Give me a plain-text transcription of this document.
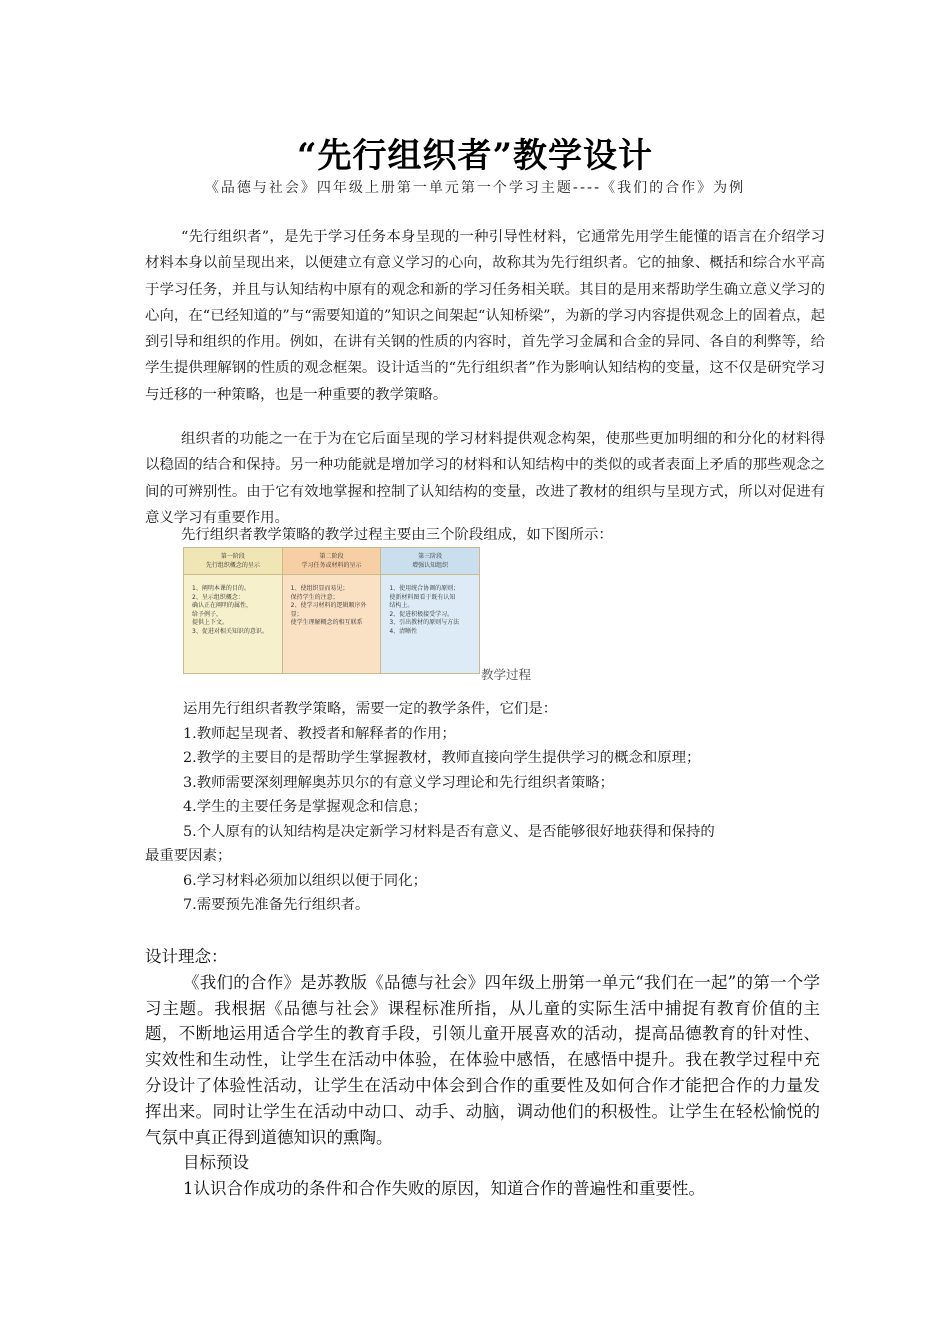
“先行组织者”教学设计
《品德与社会》四年级上册第一单元第一个学习主题----《我们的合作》为例

“先行组织者”，是先于学习任务本身呈现的一种引导性材料，它通常先用学生能懂的语言在介绍学习材料本身以前呈现出来，以便建立有意义学习的心向，故称其为先行组织者。它的抽象、概括和综合水平高于学习任务，并且与认知结构中原有的观念和新的学习任务相关联。其目的是用来帮助学生确立意义学习的心向，在“已经知道的”与“需要知道的”知识之间架起“认知桥梁”，为新的学习内容提供观念上的固着点，起到引导和组织的作用。例如，在讲有关钢的性质的内容时，首先学习金属和合金的异同、各自的利弊等，给学生提供理解钢的性质的观念框架。设计适当的“先行组织者”作为影响认知结构的变量，这不仅是研究学习与迁移的一种策略，也是一种重要的教学策略。

组织者的功能之一在于为在它后面呈现的学习材料提供观念构架，使那些更加明细的和分化的材料得以稳固的结合和保持。另一种功能就是增加学习的材料和认知结构中的类似的或者表面上矛盾的那些观念之间的可辨别性。由于它有效地掌握和控制了认知结构的变量，改进了教材的组织与呈现方式，所以对促进有意义学习有重要作用。

先行组织者教学策略的教学过程主要由三个阶段组成，如下图所示：

第一阶段
先行组织概念的呈示
1、阐明本课的目的。
2、呈示组织概念：
确认正在阐明的属性，
给予例子，
提供上下文。
3、促进对相关知识的意识。
第二阶段
学习任务或材料的呈示
1、使组织显而易见；
保持学生的注意；
2、使学习材料的逻辑顺序外
显；
使学生理解概念的相互联系
第三阶段
增强认知组织
1、使用统合协调的原则；
使新材料图看于既有认知
结构上。
2、促进积极接受学习。
3、引出教材的原则与方法
4、清晰性
教学过程

运用先行组织者教学策略，需要一定的教学条件，它们是：

1.教师起呈现者、教授者和解释者的作用；

2.教学的主要目的是帮助学生掌握教材，教师直接向学生提供学习的概念和原理；

3.教师需要深刻理解奥苏贝尔的有意义学习理论和先行组织者策略；

4.学生的主要任务是掌握观念和信息；

5.个人原有的认知结构是决定新学习材料是否有意义、是否能够很好地获得和保持的

最重要因素；

6.学习材料必须加以组织以便于同化；

7.需要预先准备先行组织者。

设计理念：

《我们的合作》是苏教版《品德与社会》四年级上册第一单元“我们在一起”的第一个学习主题。我根据《品德与社会》课程标准所指，从儿童的实际生活中捕捉有教育价值的主题，不断地运用适合学生的教育手段，引领儿童开展喜欢的活动，提高品德教育的针对性、实效性和生动性，让学生在活动中体验，在体验中感悟，在感悟中提升。我在教学过程中充分设计了体验性活动，让学生在活动中体会到合作的重要性及如何合作才能把合作的力量发挥出来。同时让学生在活动中动口、动手、动脑，调动他们的积极性。让学生在轻松愉悦的气氛中真正得到道德知识的熏陶。

目标预设

1认识合作成功的条件和合作失败的原因，知道合作的普遍性和重要性。
